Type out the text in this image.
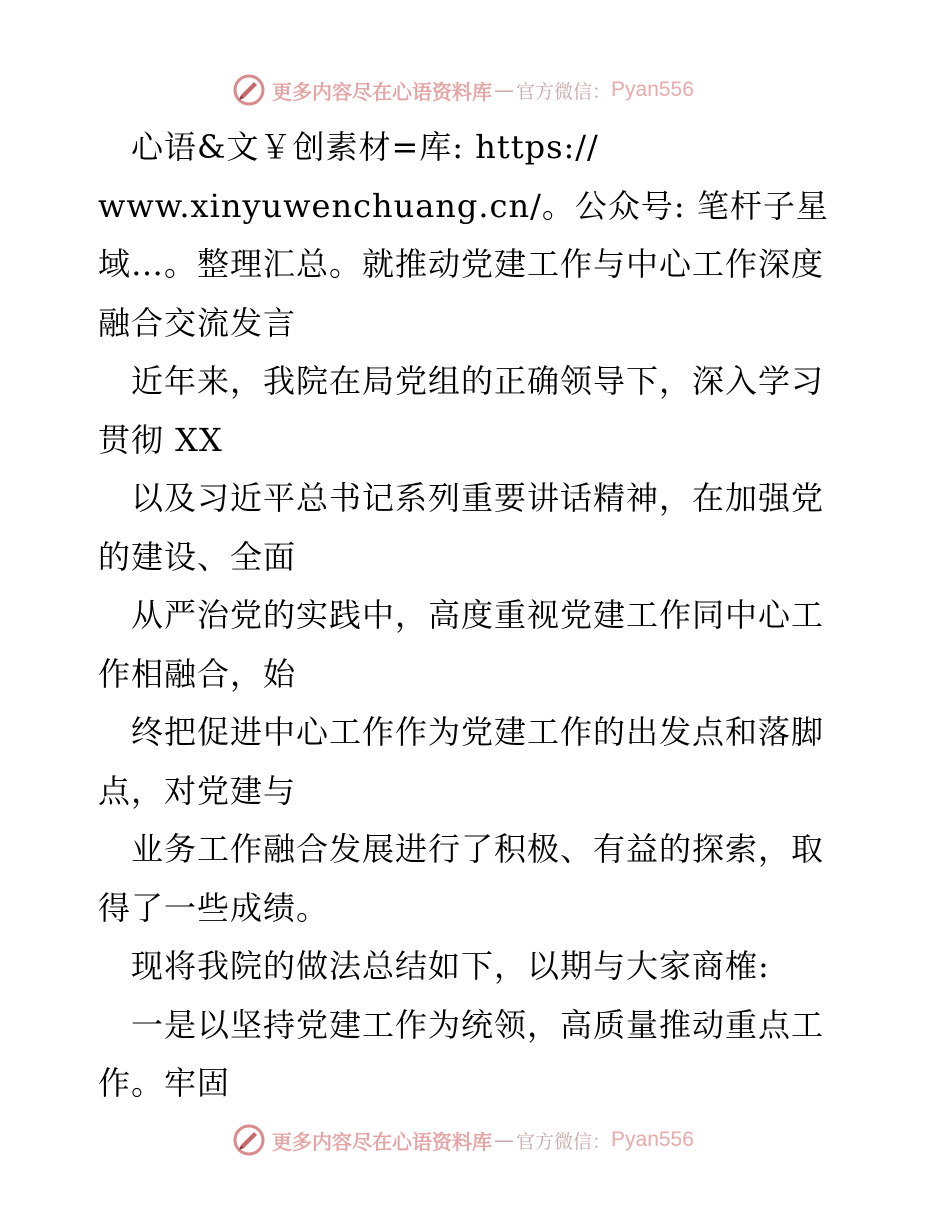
更多内容尽在心语资料库 — 官方微信： Pyan556

　心语&文￥创素材=库: https://

www.xinyuwenchuang.cn/。公众号: 笔杆子星

域…。整理汇总。就推动党建工作与中心工作深度

融合交流发言

　近年来，我院在局党组的正确领导下，深入学习

贯彻 XX

　以及习近平总书记系列重要讲话精神，在加强党

的建设、全面

　从严治党的实践中，高度重视党建工作同中心工

作相融合，始

　终把促进中心工作作为党建工作的出发点和落脚

点，对党建与

　业务工作融合发展进行了积极、有益的探索，取

得了一些成绩。

　现将我院的做法总结如下，以期与大家商榷:

　一是以坚持党建工作为统领，高质量推动重点工

作。牢固

更多内容尽在心语资料库 — 官方微信： Pyan556
